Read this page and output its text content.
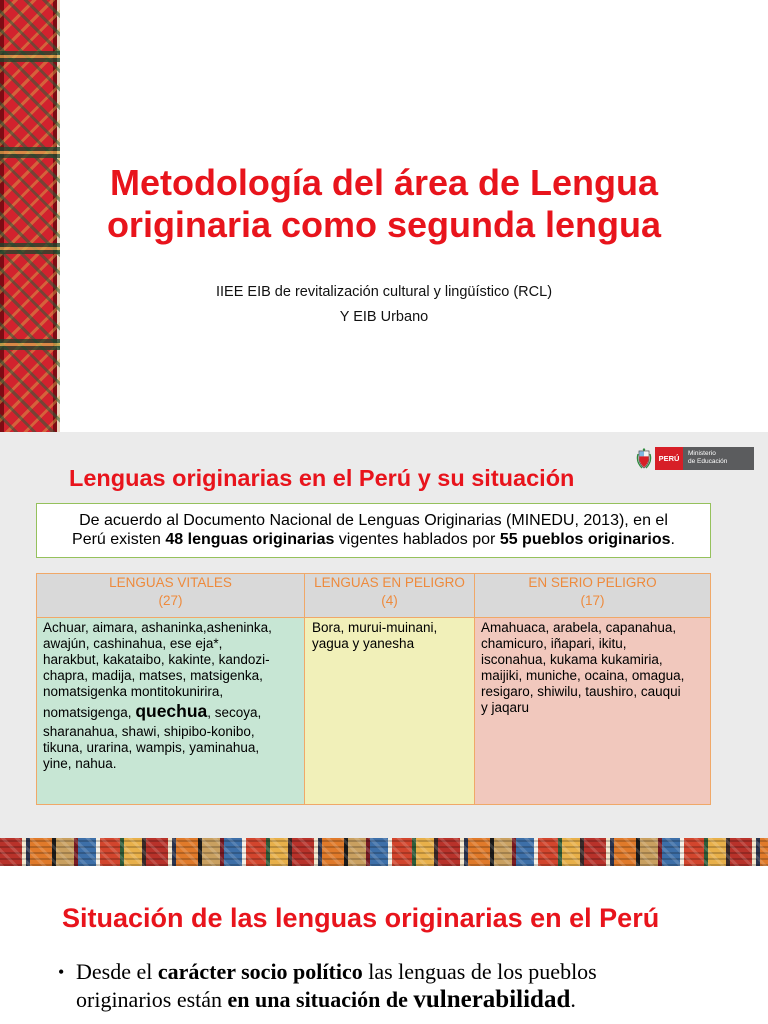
Metodología del área de Lengua
originaria como segunda lengua
IIEE EIB de revitalización cultural y lingüístico (RCL)
Y EIB Urbano
Lenguas originarias en el Perú y su situación
PERÚ
Ministerio
de Educación
De acuerdo al Documento Nacional de Lenguas Originarias (MINEDU, 2013), en el
Perú existen 48 lenguas originarias vigentes hablados por 55 pueblos originarios.
LENGUAS VITALES
(27)
LENGUAS EN PELIGRO
(4)
EN SERIO PELIGRO
(17)
Achuar, aimara, ashaninka,asheninka,
awajún, cashinahua, ese eja*,
harakbut, kakataibo, kakinte, kandozi-
chapra, madija, matses, matsigenka,
nomatsigenka montitokunirira,
nomatsigenga, quechua, secoya,
sharanahua, shawi, shipibo-konibo,
tikuna, urarina, wampis, yaminahua,
yine, nahua.
Bora, murui-muinani,
yagua y yanesha
Amahuaca, arabela, capanahua,
chamicuro, iñapari, ikitu,
isconahua, kukama kukamiria,
maijiki, muniche, ocaina, omagua,
resigaro, shiwilu, taushiro, cauqui
y jaqaru
Situación de las lenguas originarias en el Perú
• Desde el carácter socio político las lenguas de los pueblos
originarios están en una situación de vulnerabilidad.
